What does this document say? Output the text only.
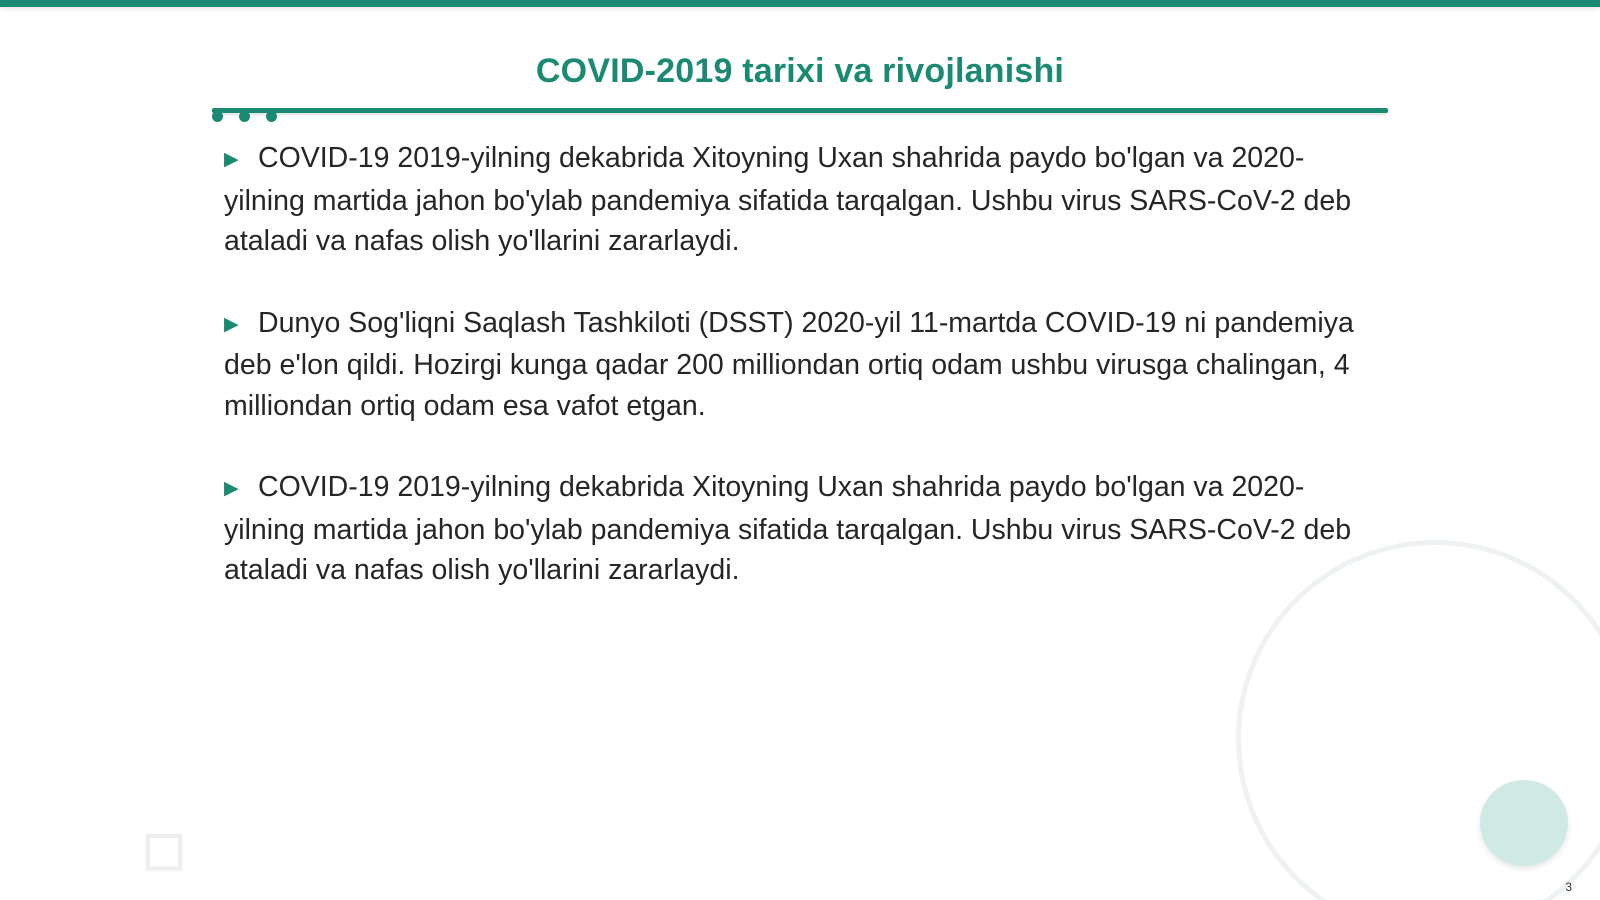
COVID-2019 tarixi va rivojlanishi

▶ COVID-19 2019-yilning dekabrida Xitoyning Uxan shahrida paydo bo'lgan va 2020-yilning martida jahon bo'ylab pandemiya sifatida tarqalgan. Ushbu virus SARS-CoV-2 deb ataladi va nafas olish yo'llarini zararlaydi.

▶ Dunyo Sog'liqni Saqlash Tashkiloti (DSST) 2020-yil 11-martda COVID-19 ni pandemiya deb e'lon qildi. Hozirgi kunga qadar 200 milliondan ortiq odam ushbu virusga chalingan, 4 milliondan ortiq odam esa vafot etgan.

▶ COVID-19 2019-yilning dekabrida Xitoyning Uxan shahrida paydo bo'lgan va 2020-yilning martida jahon bo'ylab pandemiya sifatida tarqalgan. Ushbu virus SARS-CoV-2 deb ataladi va nafas olish yo'llarini zararlaydi.

3
